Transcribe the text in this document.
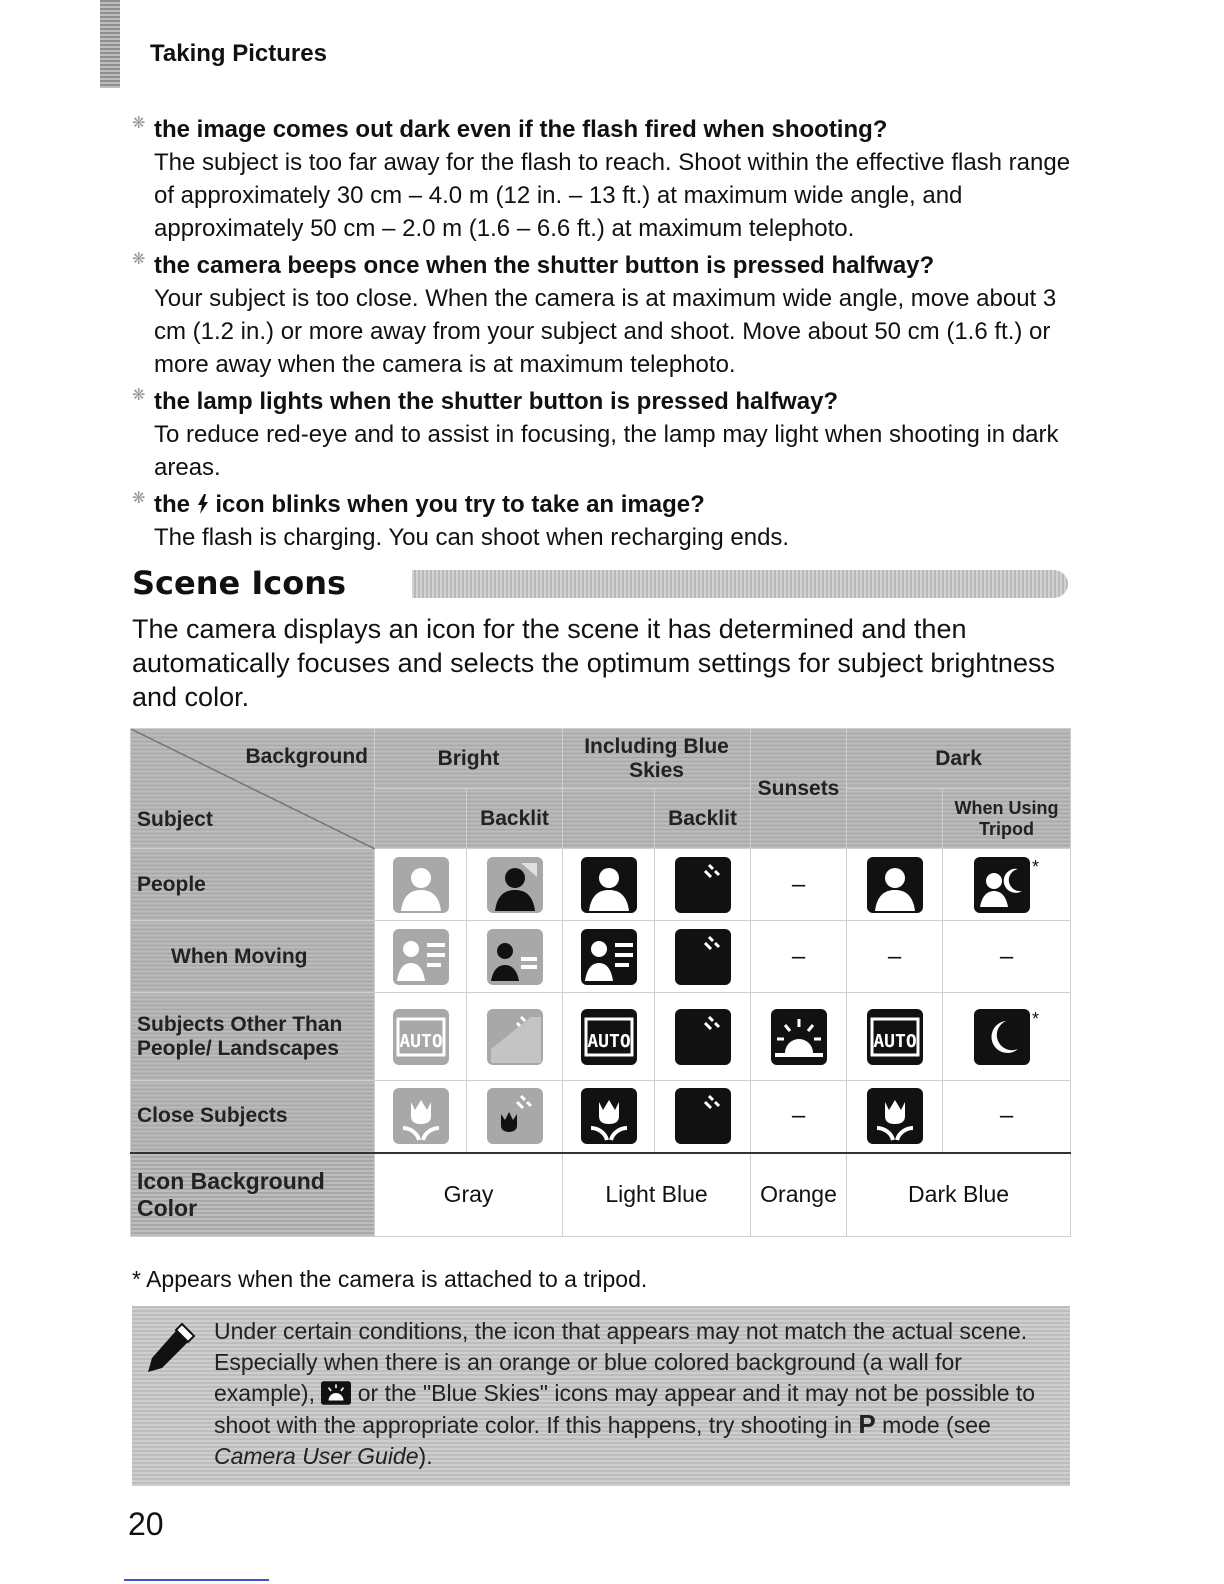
Taking Pictures
❋ the image comes out dark even if the flash fired when shooting?
The subject is too far away for the flash to reach. Shoot within the effective flash range of approximately 30 cm – 4.0 m (12 in. – 13 ft.) at maximum wide angle, and approximately 50 cm – 2.0 m (1.6 – 6.6 ft.) at maximum telephoto.
❋ the camera beeps once when the shutter button is pressed halfway?
Your subject is too close. When the camera is at maximum wide angle, move about 3 cm (1.2 in.) or more away from your subject and shoot. Move about 50 cm (1.6 ft.) or more away when the camera is at maximum telephoto.
❋ the lamp lights when the shutter button is pressed halfway?
To reduce red-eye and to assist in focusing, the lamp may light when shooting in dark areas.
❋ the icon blinks when you try to take an image?
The flash is charging. You can shoot when recharging ends.
Scene Icons
The camera displays an icon for the scene it has determined and then automatically focuses and selects the optimum settings for subject brightness and color.
Background
Subject	Bright		Including Blue Skies		Sunsets	Dark	
		Backlit		Backlit			When Using Tripod
People					–		*
When Moving					–	–	–
Subjects Other Than People/ Landscapes	AUTO		AUTO			AUTO	*
Close Subjects					–		–
Icon Background Color	Gray		Light Blue		Orange	Dark Blue	
* Appears when the camera is attached to a tripod.
Under certain conditions, the icon that appears may not match the actual scene. Especially when there is an orange or blue colored background (a wall for example), or the "Blue Skies" icons may appear and it may not be possible to shoot with the appropriate color. If this happens, try shooting in P mode (see Camera User Guide).
20
